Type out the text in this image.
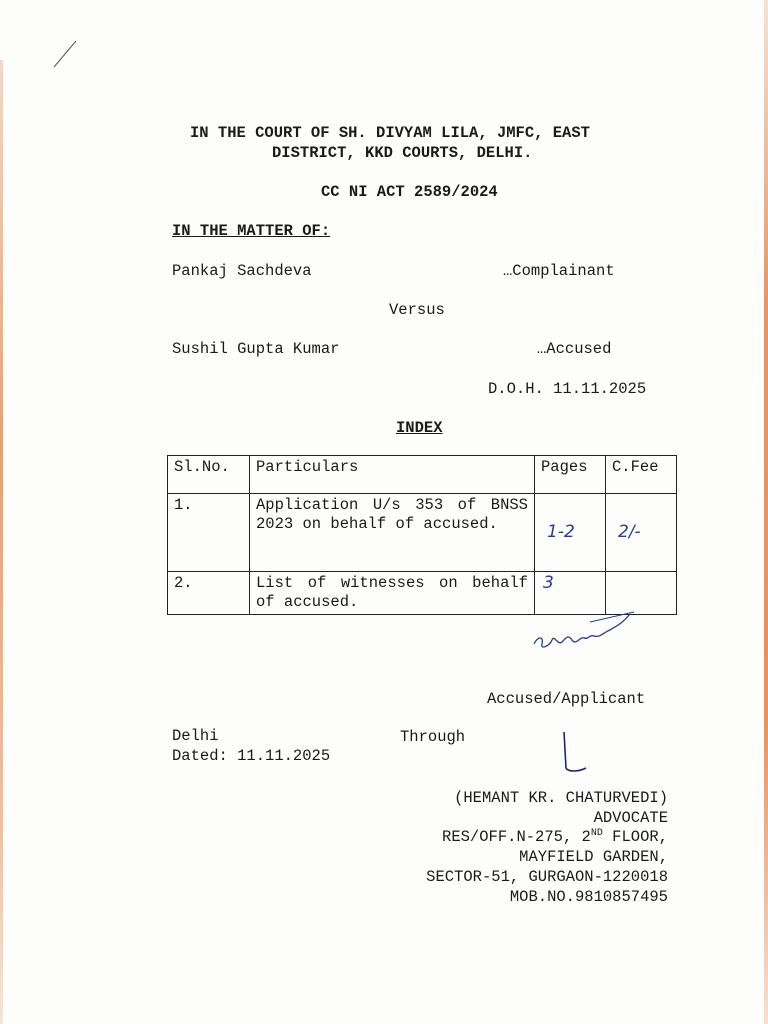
IN THE COURT OF SH. DIVYAM LILA, JMFC, EAST
DISTRICT, KKD COURTS, DELHI.
CC NI ACT 2589/2024
IN THE MATTER OF:
Pankaj Sachdeva	…Complainant
Versus
Sushil Gupta Kumar	…Accused
D.O.H. 11.11.2025
INDEX
Sl.No.	Particulars	Pages	C.Fee
1.	Application U/s 353 of BNSS 2023 on behalf of accused.	1-2	2/-
2.	List of witnesses on behalf of accused.	3	
Accused/Applicant
Delhi
Dated: 11.11.2025
Through
(HEMANT KR. CHATURVEDI)
ADVOCATE
RES/OFF.N-275, 2ND FLOOR,
MAYFIELD GARDEN,
SECTOR-51, GURGAON-1220018
MOB.NO.9810857495
